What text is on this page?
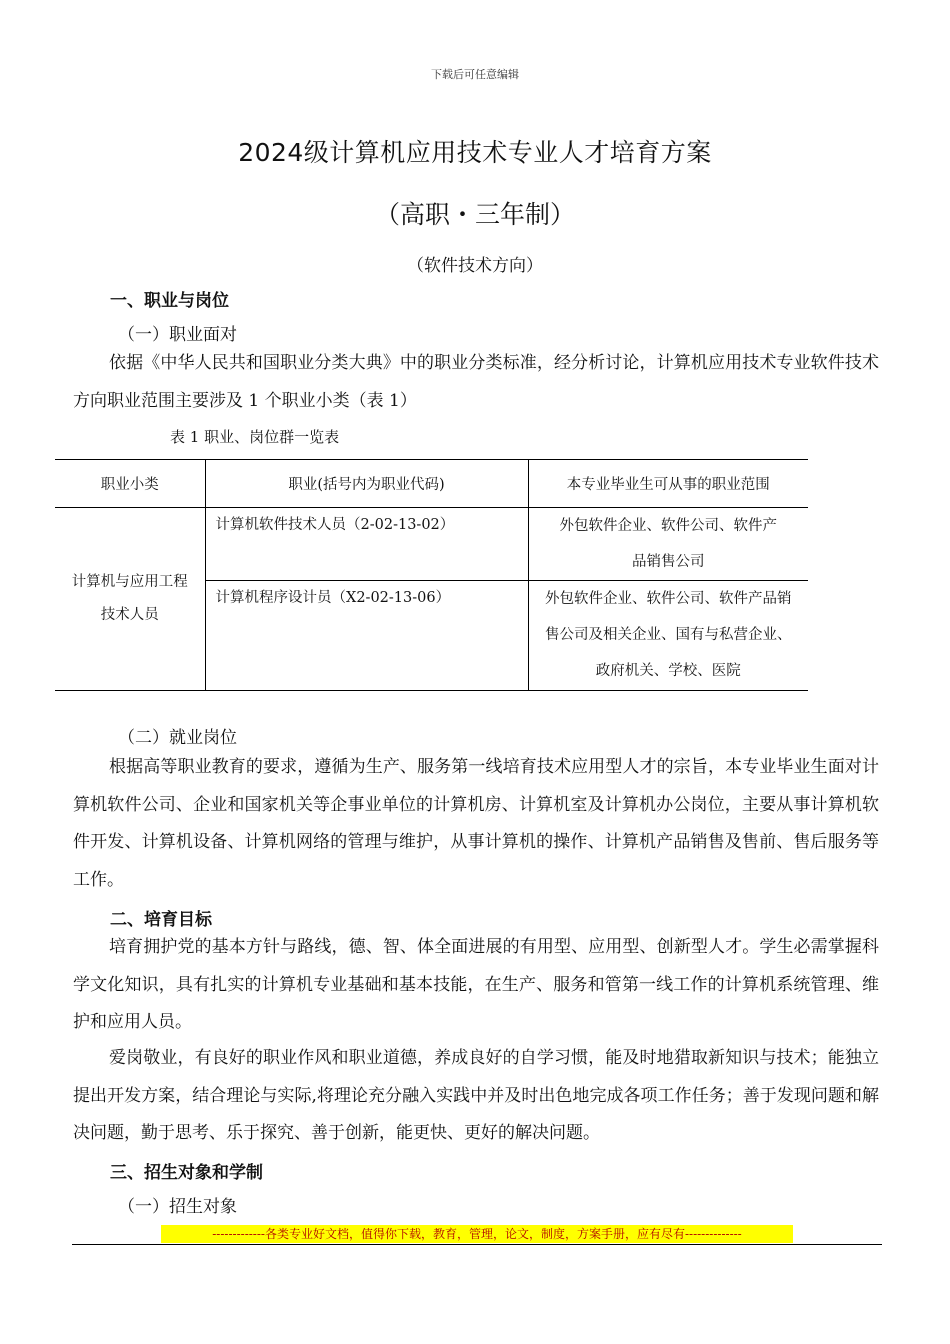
下载后可任意编辑
2024级计算机应用技术专业人才培育方案
（高职・三年制）
（软件技术方向）
一、职业与岗位
（一）职业面对
依据《中华人民共和国职业分类大典》中的职业分类标准，经分析讨论，计算机应用技术专业软件技术方向职业范围主要涉及 1 个职业小类（表 1）
表 1 职业、岗位群一览表
职业小类	职业(括号内为职业代码)	本专业毕业生可从事的职业范围

计算机与应用工程技术人员	计算机软件技术人员（2-02-13-02）	外包软件企业、软件公司、软件产品销售公司

	计算机程序设计员（X2-02-13-06）	外包软件企业、软件公司、软件产品销售公司及相关企业、国有与私营企业、政府机关、学校、医院
（二）就业岗位
根据高等职业教育的要求，遵循为生产、服务第一线培育技术应用型人才的宗旨，本专业毕业生面对计算机软件公司、企业和国家机关等企事业单位的计算机房、计算机室及计算机办公岗位，主要从事计算机软件开发、计算机设备、计算机网络的管理与维护，从事计算机的操作、计算机产品销售及售前、售后服务等工作。
二、培育目标
培育拥护党的基本方针与路线，德、智、体全面进展的有用型、应用型、创新型人才。学生必需掌握科学文化知识，具有扎实的计算机专业基础和基本技能，在生产、服务和管第一线工作的计算机系统管理、维护和应用人员。
爱岗敬业，有良好的职业作风和职业道德，养成良好的自学习惯，能及时地猎取新知识与技术；能独立提出开发方案，结合理论与实际,将理论充分融入实践中并及时出色地完成各项工作任务；善于发现问题和解决问题，勤于思考、乐于探究、善于创新，能更快、更好的解决问题。
三、招生对象和学制
（一）招生对象
-------------各类专业好文档，值得你下载，教育，管理，论文，制度，方案手册，应有尽有--------------
